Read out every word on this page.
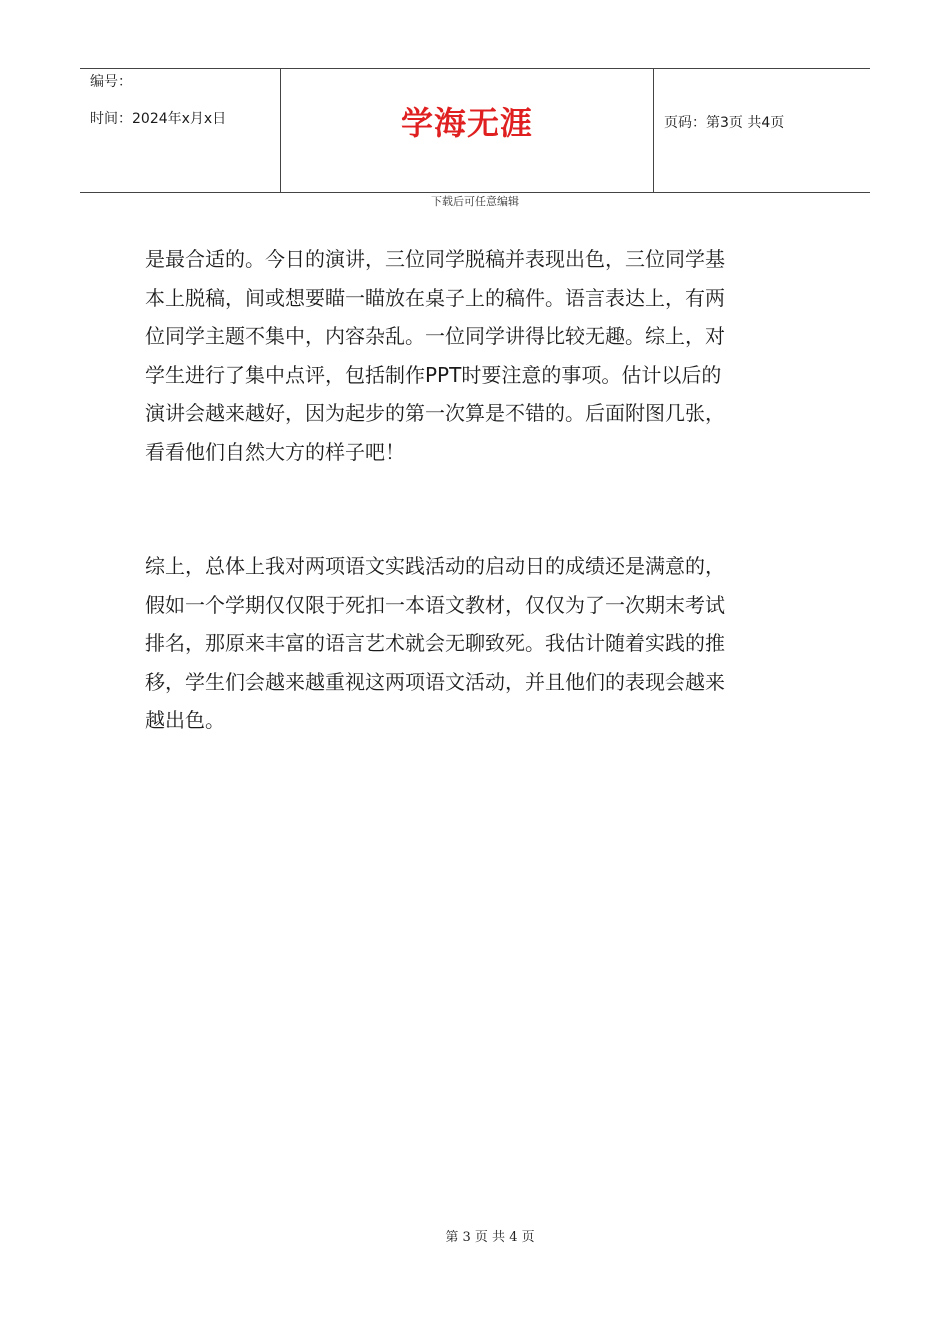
编号：
时间：2024年x月x日	学海无涯	页码：第3页 共4页
下载后可任意编辑

是最合适的。今日的演讲，三位同学脱稿并表现出色，三位同学基
本上脱稿，间或想要瞄一瞄放在桌子上的稿件。语言表达上，有两
位同学主题不集中，内容杂乱。一位同学讲得比较无趣。综上，对
学生进行了集中点评，包括制作PPT时要注意的事项。估计以后的
演讲会越来越好，因为起步的第一次算是不错的。后面附图几张，
看看他们自然大方的样子吧！

综上，总体上我对两项语文实践活动的启动日的成绩还是满意的，
假如一个学期仅仅限于死扣一本语文教材，仅仅为了一次期末考试
排名，那原来丰富的语言艺术就会无聊致死。我估计随着实践的推
移，学生们会越来越重视这两项语文活动，并且他们的表现会越来
越出色。

第 3 页 共 4 页
